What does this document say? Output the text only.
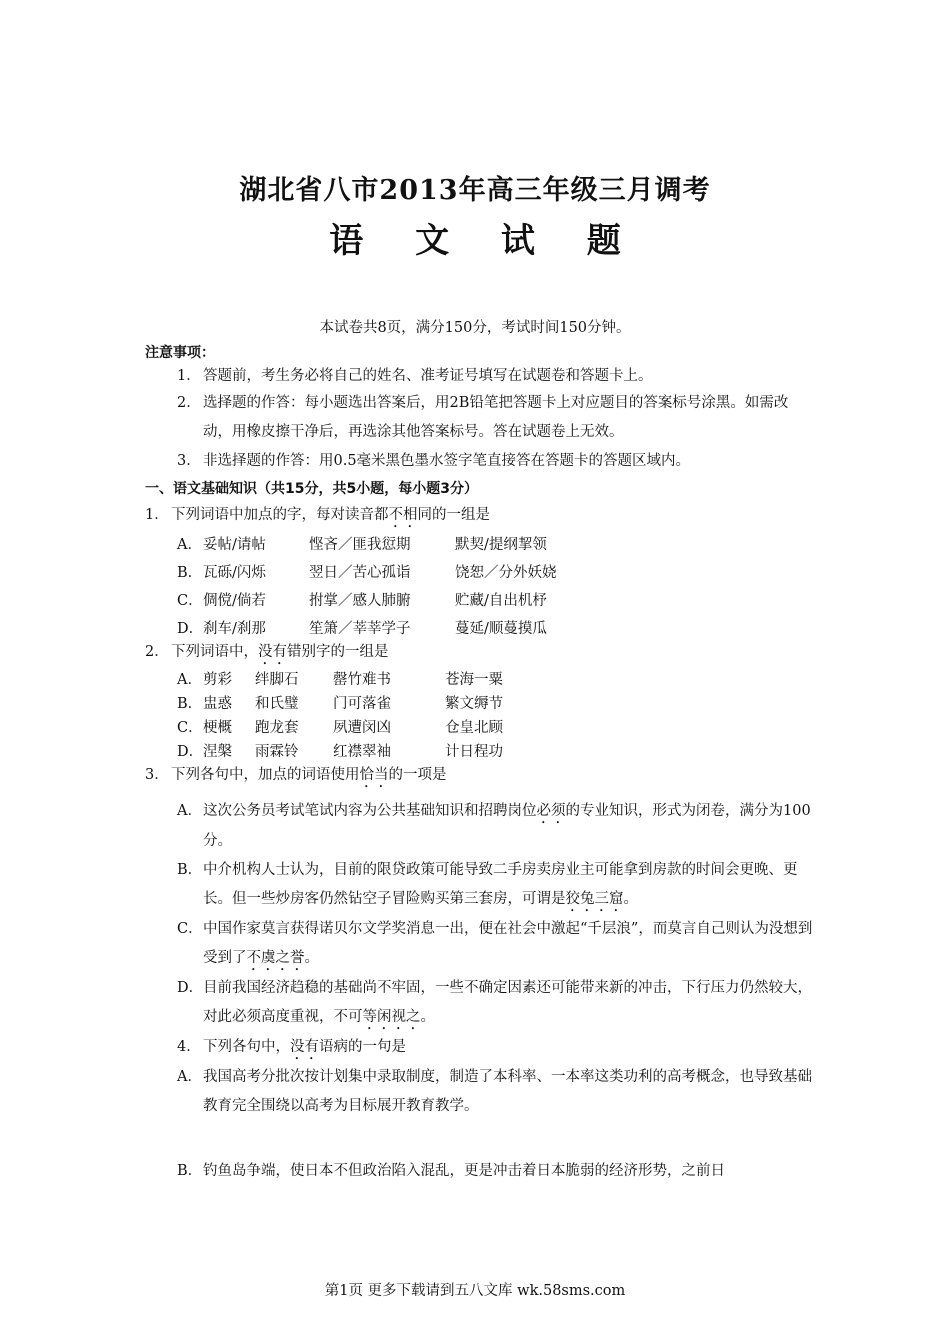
湖北省八市2013年高三年级三月调考
语 文 试 题
本试卷共8页，满分150分，考试时间150分钟。
注意事项：
1． 答题前，考生务必将自己的姓名、准考证号填写在试题卷和答题卡上。
2． 选择题的作答：每小题选出答案后，用2B铅笔把答题卡上对应题目的答案标号涂黑。如需改动，用橡皮擦干净后，再选涂其他答案标号。答在试题卷上无效。
3． 非选择题的作答：用0.5毫米黑色墨水签字笔直接答在答题卡的答题区域内。
一、语文基础知识（共15分，共5小题，每小题3分）
1． 下列词语中加点的字，每对读音都不相同的一组是
A．妥帖/请帖	悭吝／匪我愆期	默契/提纲挈领
B．瓦砾/闪烁	翌日／苦心孤诣	饶恕／分外妖娆
C．倜傥/倘若	拊掌／感人肺腑	贮藏/自出机杼
D．刹车/刹那	笙箫／莘莘学子	蔓延/顺蔓摸瓜
2． 下列词语中，没有错别字的一组是
A．剪彩 绊脚石 罄竹难书	苍海一粟
B．盅惑 和氏璧 门可落雀	繁文缛节
C．梗概 跑龙套 夙遭闵凶	仓皇北顾
D．涅槃 雨霖铃 红襟翠袖	计日程功
3． 下列各句中，加点的词语使用恰当的一项是
A．这次公务员考试笔试内容为公共基础知识和招聘岗位必须的专业知识，形式为闭卷，满分为100分。
B．中介机构人士认为，目前的限贷政策可能导致二手房卖房业主可能拿到房款的时间会更晚、更长。但一些炒房客仍然钻空子冒险购买第三套房，可谓是狡兔三窟。
C．中国作家莫言获得诺贝尔文学奖消息一出，便在社会中激起“千层浪”，而莫言自己则认为没想到受到了不虞之誉。
D．目前我国经济趋稳的基础尚不牢固，一些不确定因素还可能带来新的冲击，下行压力仍然较大，对此必须高度重视，不可等闲视之。
4． 下列各句中，没有语病的一句是
A．我国高考分批次按计划集中录取制度，制造了本科率、一本率这类功利的高考概念，也导致基础教育完全围绕以高考为目标展开教育教学。
B．钓鱼岛争端，使日本不但政治陷入混乱，更是冲击着日本脆弱的经济形势，之前日
第1页 更多下载请到五八文库 wk.58sms.com
